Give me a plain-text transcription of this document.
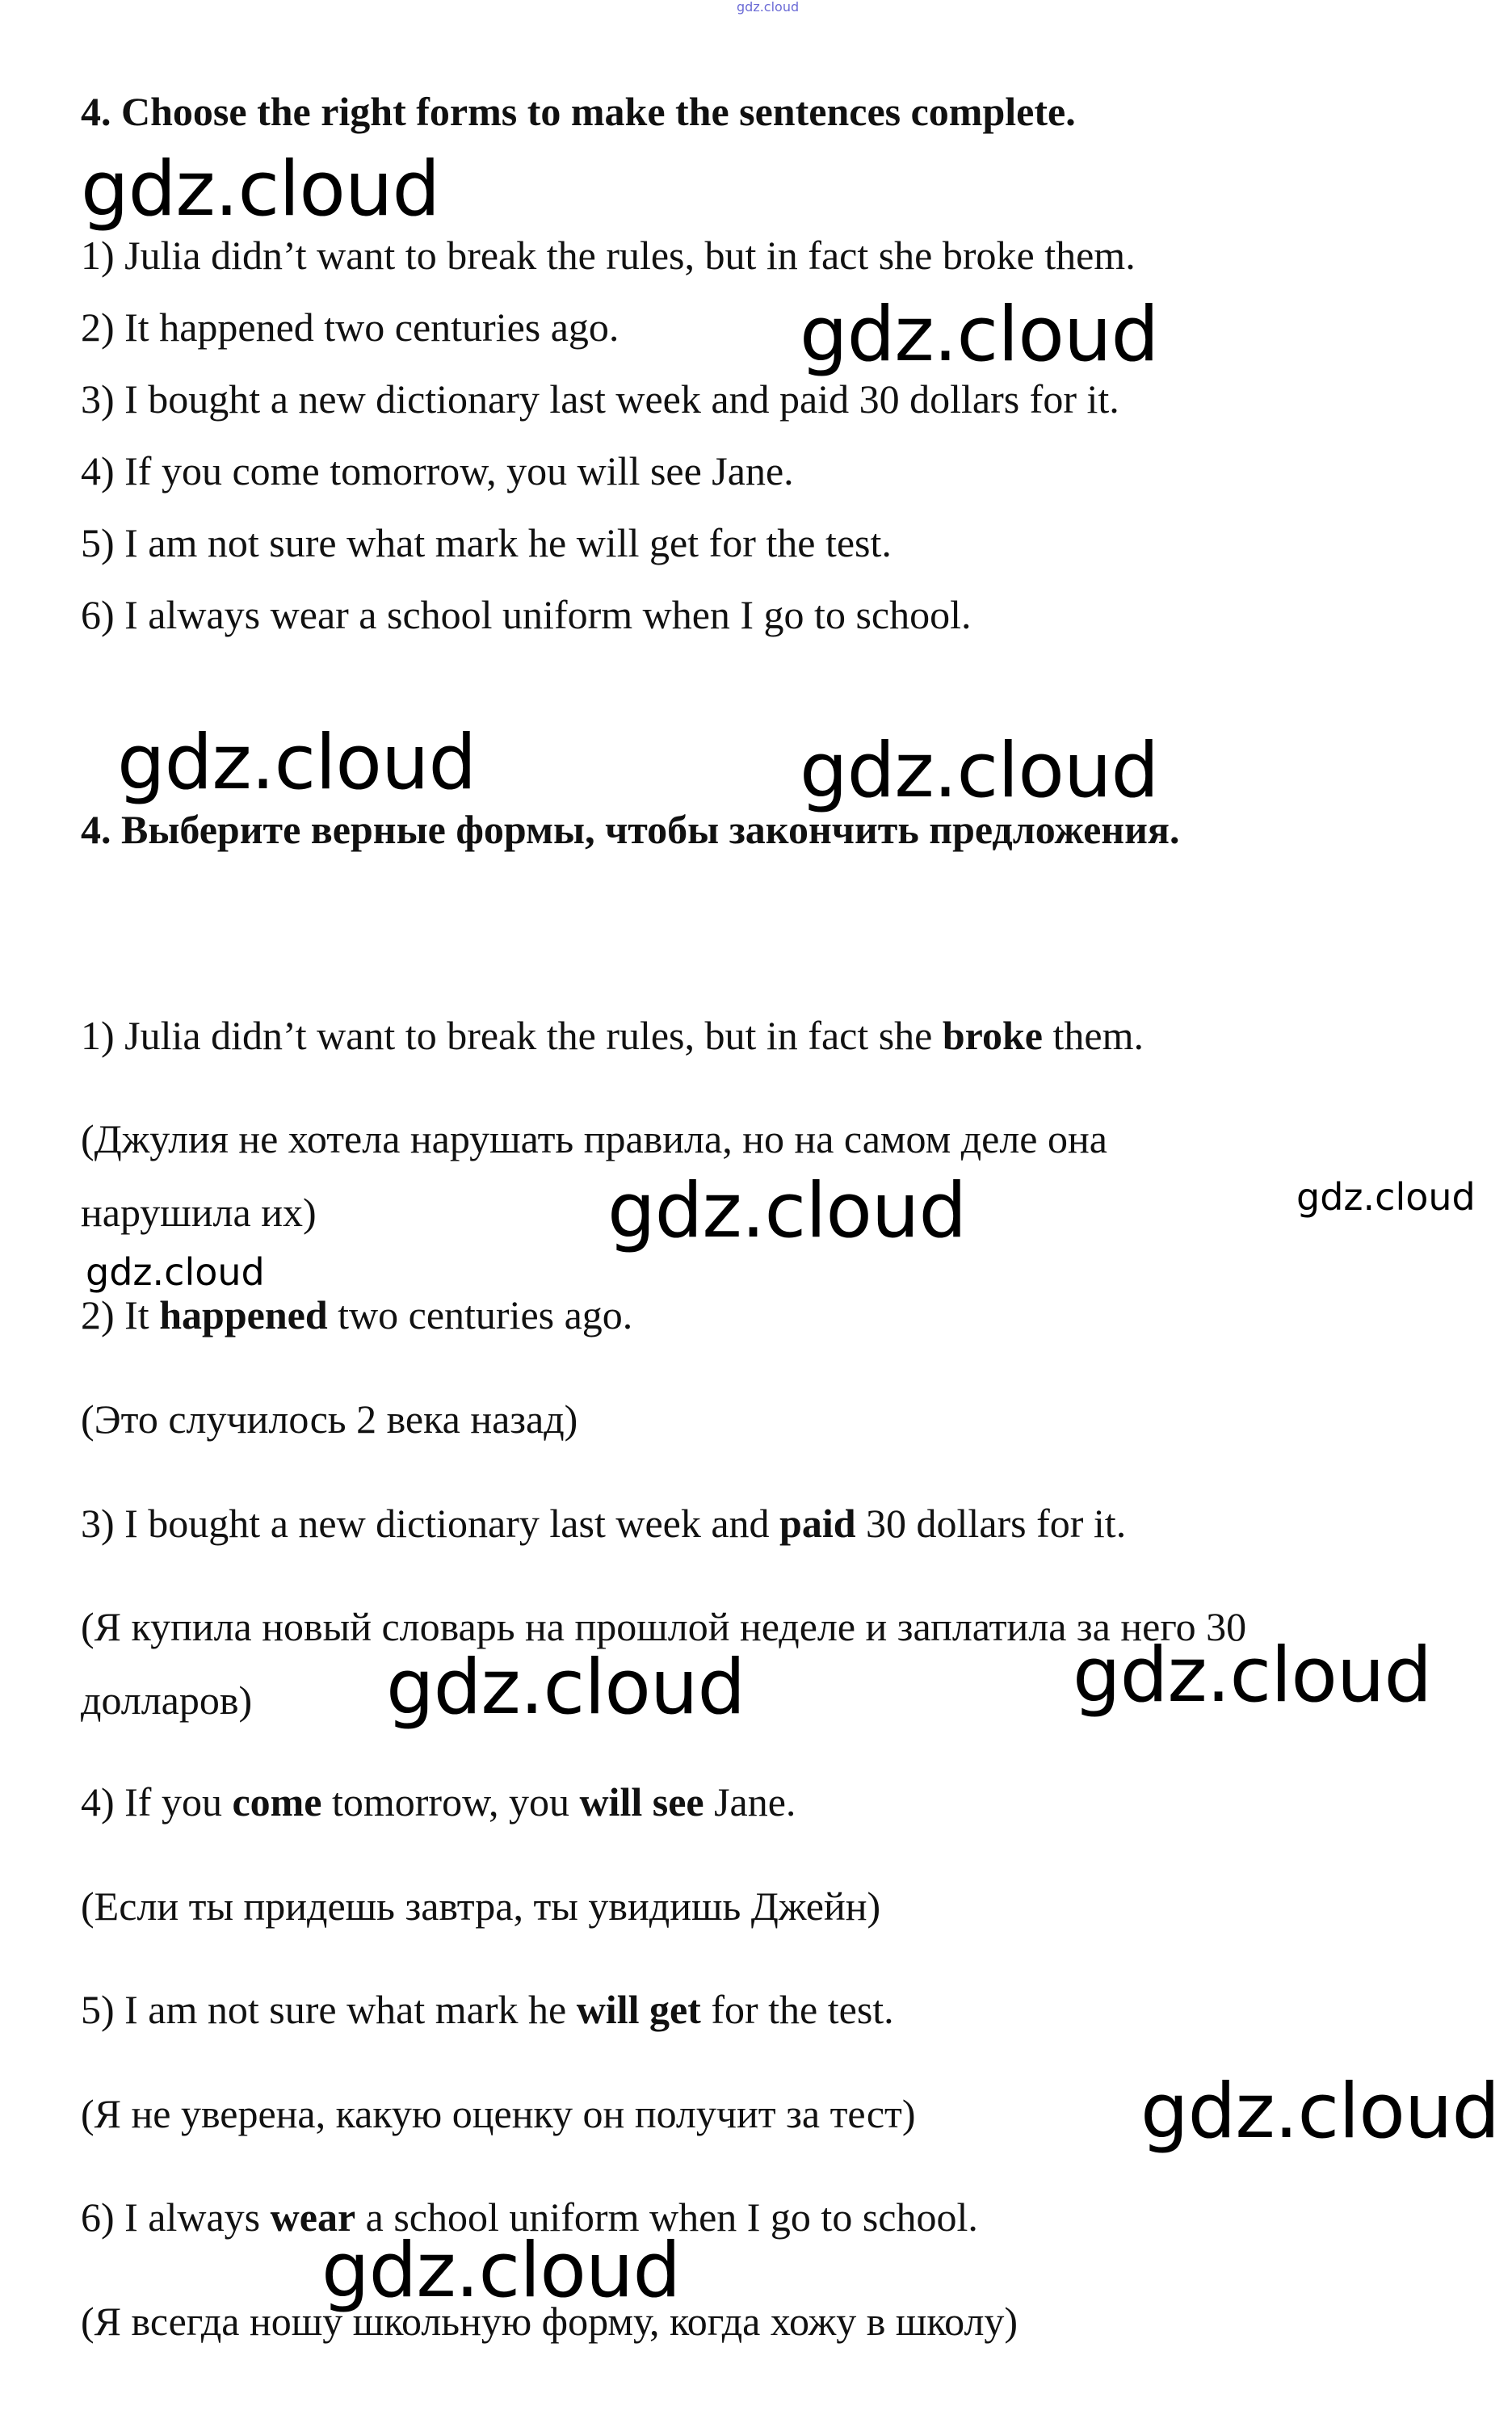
gdz.cloud
4. Choose the right forms to make the sentences complete.
1) Julia didn’t want to break the rules, but in fact she broke them.
2) It happened two centuries ago.
3) I bought a new dictionary last week and paid 30 dollars for it.
4) If you come tomorrow, you will see Jane.
5) I am not sure what mark he will get for the test.
6) I always wear a school uniform when I go to school.
4. Выберите верные формы, чтобы закончить предложения.
1) Julia didn’t want to break the rules, but in fact she broke them.
(Джулия не хотела нарушать правила, но на самом деле она
нарушила их)
2) It happened two centuries ago.
(Это случилось 2 века назад)
3) I bought a new dictionary last week and paid 30 dollars for it.
(Я купила новый словарь на прошлой неделе и заплатила за него 30
долларов)
4) If you come tomorrow, you will see Jane.
(Если ты придешь завтра, ты увидишь Джейн)
5) I am not sure what mark he will get for the test.
(Я не уверена, какую оценку он получит за тест)
6) I always wear a school uniform when I go to school.
(Я всегда ношу школьную форму, когда хожу в школу)
gdz.cloud
gdz.cloud
gdz.cloud	gdz.cloud
gdz.cloud	gdz.cloud
gdz.cloud
gdz.cloud	gdz.cloud
gdz.cloud
gdz.cloud
